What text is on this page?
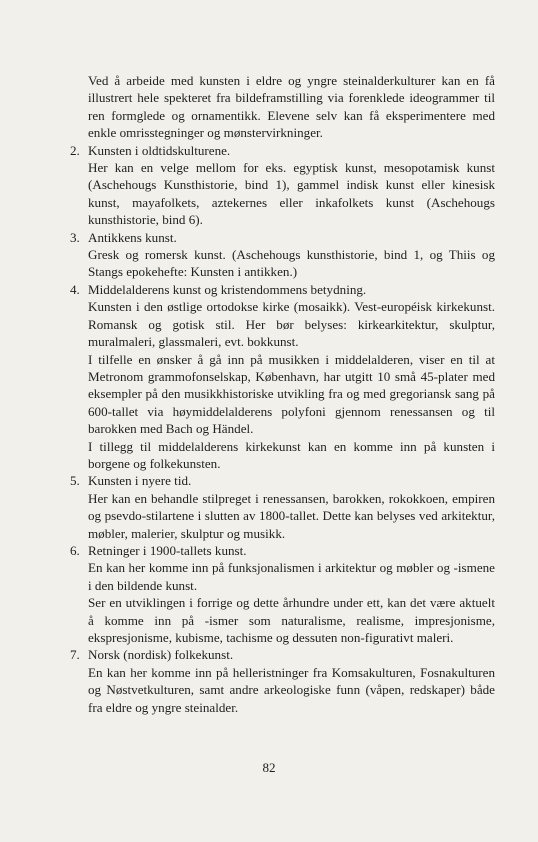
Ved å arbeide med kunsten i eldre og yngre steinalderkulturer kan en få illustrert hele spekteret fra bildeframstilling via forenklede ideogrammer til ren formglede og ornamentikk. Elevene selv kan få eksperimentere med enkle omrisstegninger og mønstervirkninger.

2. Kunsten i oldtidskulturene.

Her kan en velge mellom for eks. egyptisk kunst, mesopotamisk kunst (Aschehougs Kunsthistorie, bind 1), gammel indisk kunst eller kinesisk kunst, mayafolkets, aztekernes eller inkafolkets kunst (Aschehougs kunsthistorie, bind 6).

3. Antikkens kunst.

Gresk og romersk kunst. (Aschehougs kunsthistorie, bind 1, og Thiis og Stangs epokehefte: Kunsten i antikken.)

4. Middelalderens kunst og kristendommens betydning.

Kunsten i den østlige ortodokse kirke (mosaikk). Vest-européisk kirkekunst. Romansk og gotisk stil. Her bør belyses: kirkearkitektur, skulptur, muralmaleri, glassmaleri, evt. bokkunst.

I tilfelle en ønsker å gå inn på musikken i middelalderen, viser en til at Metronom grammofonselskap, København, har utgitt 10 små 45-plater med eksempler på den musikkhistoriske utvikling fra og med gregoriansk sang på 600-tallet via høymiddelalderens polyfoni gjennom renessansen og til barokken med Bach og Händel.

I tillegg til middelalderens kirkekunst kan en komme inn på kunsten i borgene og folkekunsten.

5. Kunsten i nyere tid.

Her kan en behandle stilpreget i renessansen, barokken, rokokkoen, empiren og psevdo-stilartene i slutten av 1800-tallet. Dette kan belyses ved arkitektur, møbler, malerier, skulptur og musikk.

6. Retninger i 1900-tallets kunst.

En kan her komme inn på funksjonalismen i arkitektur og møbler og -ismene i den bildende kunst.

Ser en utviklingen i forrige og dette århundre under ett, kan det være aktuelt å komme inn på -ismer som naturalisme, realisme, impresjonisme, ekspresjonisme, kubisme, tachisme og dessuten non-figurativt maleri.

7. Norsk (nordisk) folkekunst.

En kan her komme inn på helleristninger fra Komsakulturen, Fosnakulturen og Nøstvetkulturen, samt andre arkeologiske funn (våpen, redskaper) både fra eldre og yngre steinalder.

82
